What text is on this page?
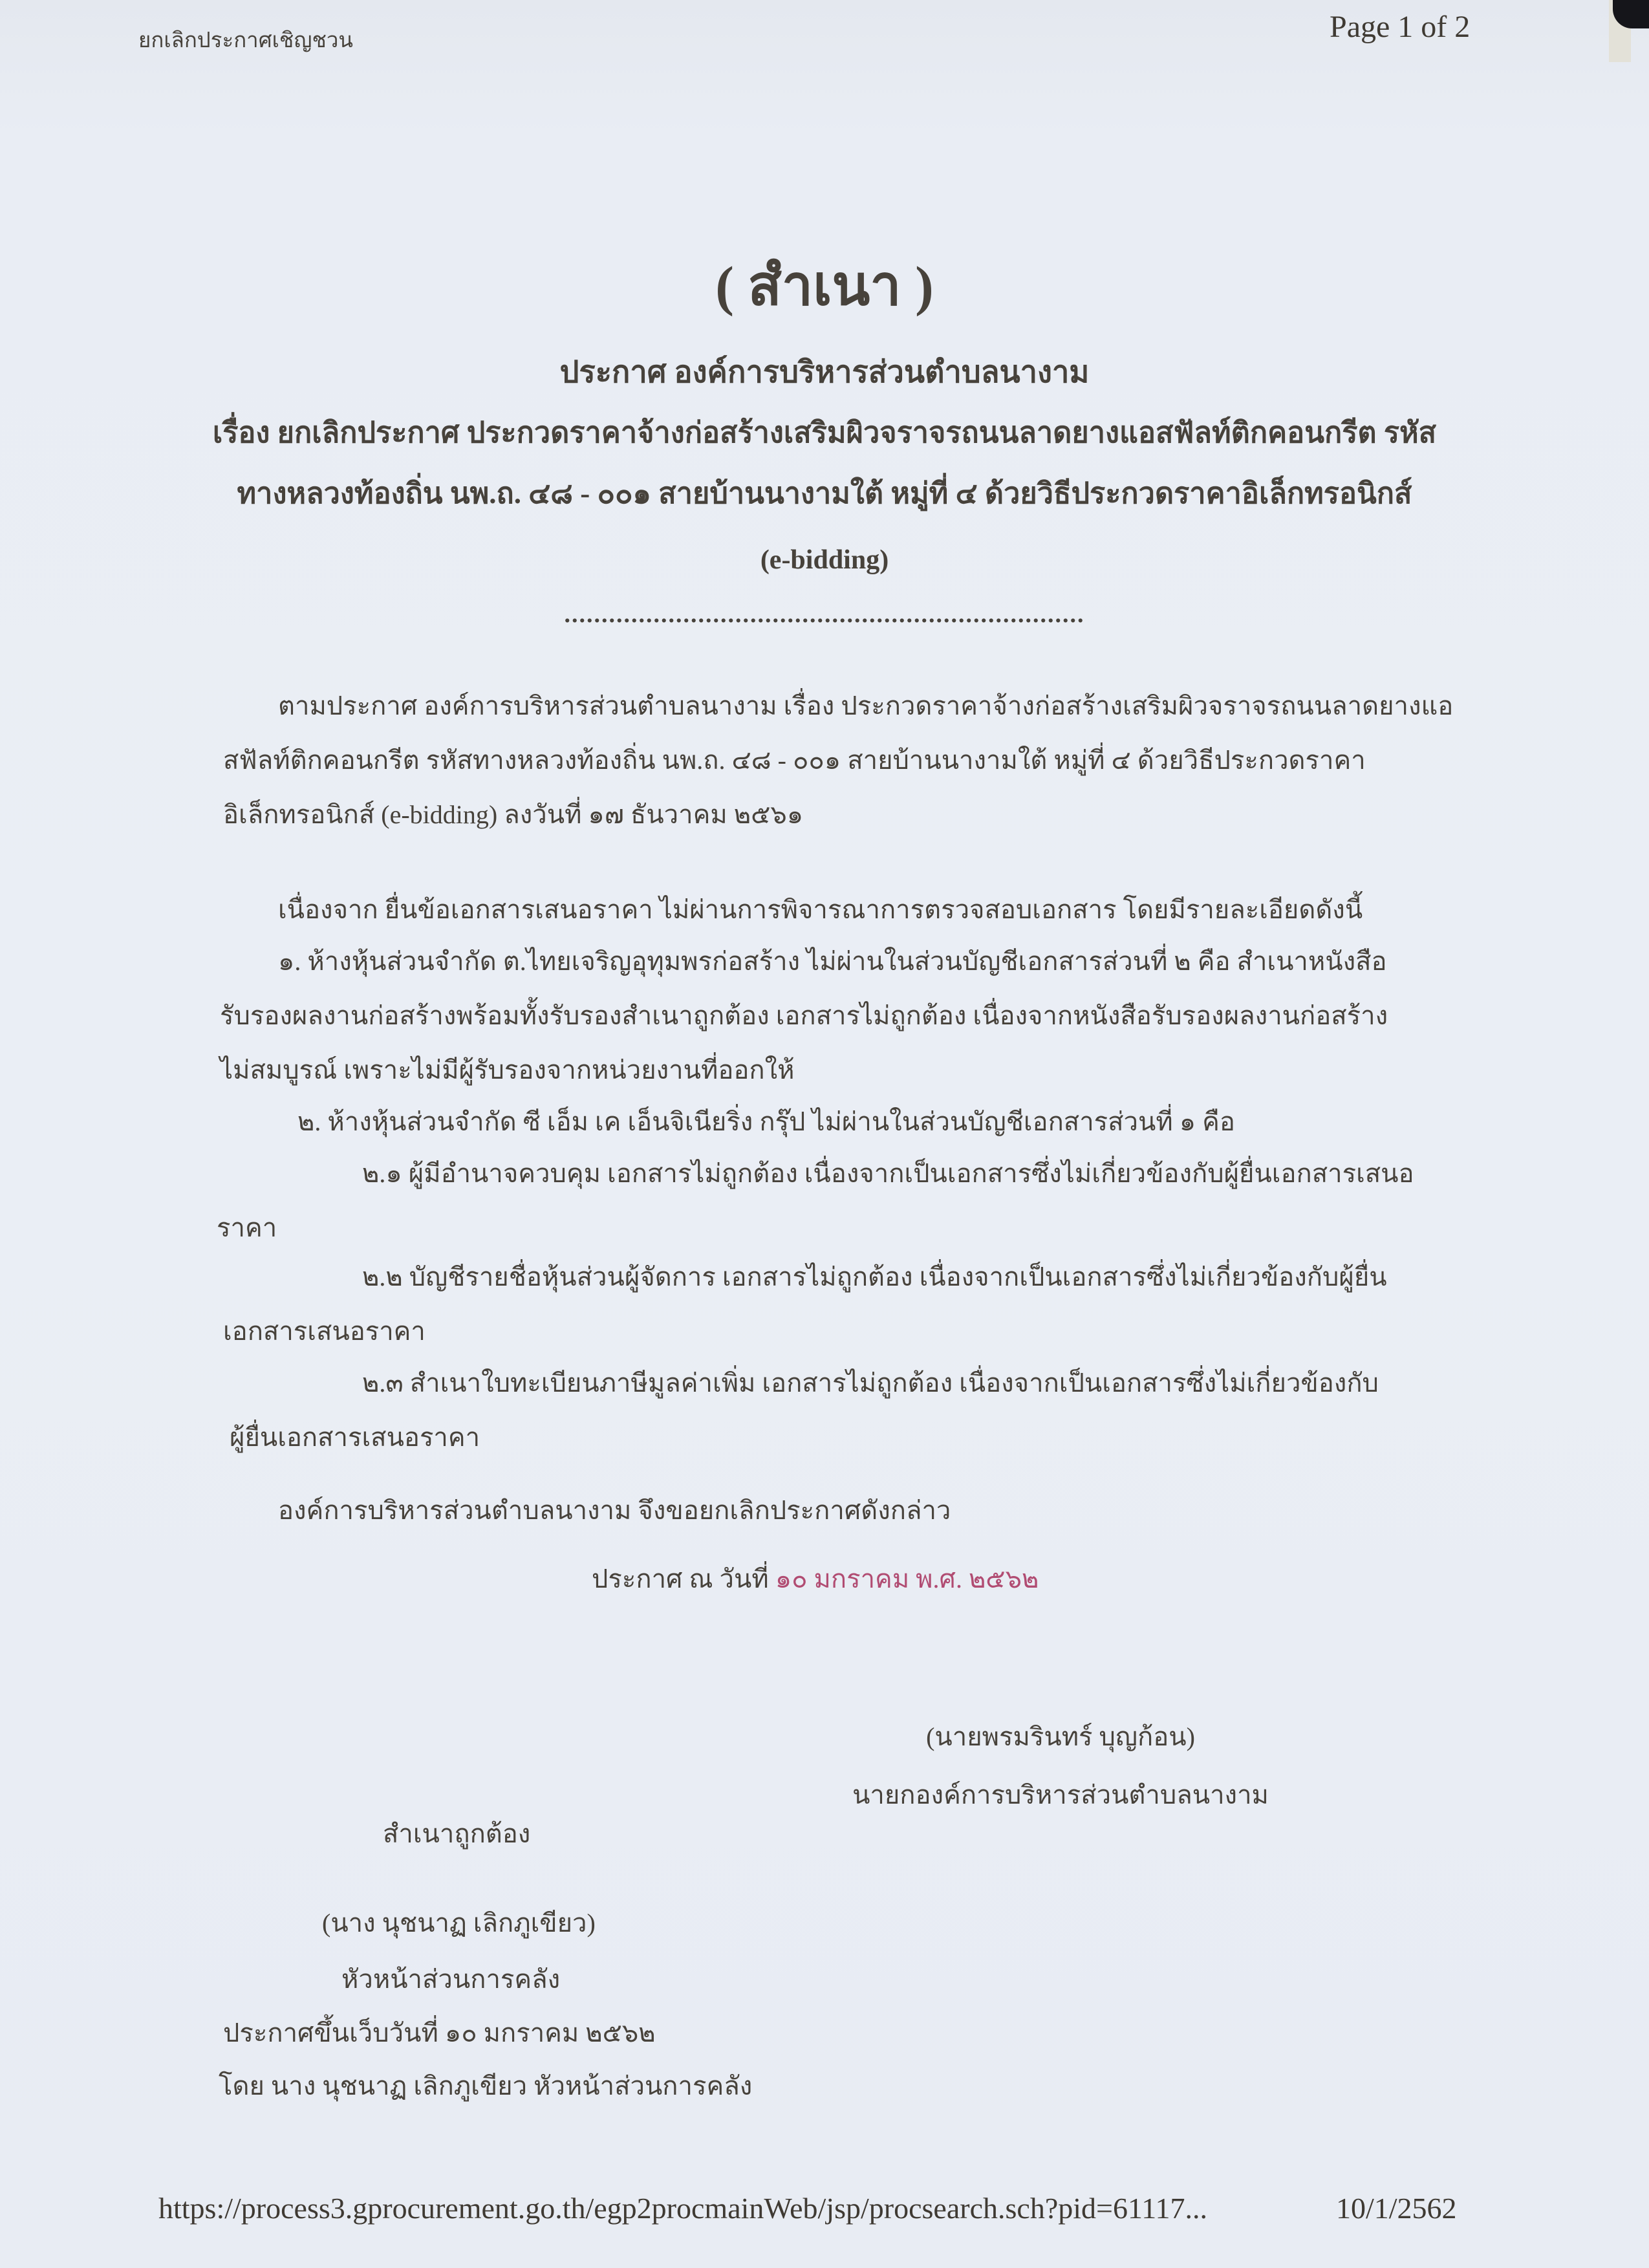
ยกเลิกประกาศเชิญชวน	Page 1 of 2
( สำเนา )
ประกาศ องค์การบริหารส่วนตำบลนางาม
เรื่อง ยกเลิกประกาศ ประกวดราคาจ้างก่อสร้างเสริมผิวจราจรถนนลาดยางแอสฟัลท์ติกคอนกรีต รหัส
ทางหลวงท้องถิ่น นพ.ถ. ๔๘ - ๐๐๑ สายบ้านนางามใต้ หมู่ที่ ๔ ด้วยวิธีประกวดราคาอิเล็กทรอนิกส์
(e-bidding)
......................................................................
ตามประกาศ องค์การบริหารส่วนตำบลนางาม เรื่อง ประกวดราคาจ้างก่อสร้างเสริมผิวจราจรถนนลาดยางแอ
สฟัลท์ติกคอนกรีต รหัสทางหลวงท้องถิ่น นพ.ถ. ๔๘ - ๐๐๑ สายบ้านนางามใต้ หมู่ที่ ๔ ด้วยวิธีประกวดราคา
อิเล็กทรอนิกส์ (e-bidding) ลงวันที่ ๑๗ ธันวาคม ๒๕๖๑
เนื่องจาก ยื่นข้อเอกสารเสนอราคา ไม่ผ่านการพิจารณาการตรวจสอบเอกสาร โดยมีรายละเอียดดังนี้
๑. ห้างหุ้นส่วนจำกัด ต.ไทยเจริญอุทุมพรก่อสร้าง ไม่ผ่านในส่วนบัญชีเอกสารส่วนที่ ๒ คือ สำเนาหนังสือ
รับรองผลงานก่อสร้างพร้อมทั้งรับรองสำเนาถูกต้อง เอกสารไม่ถูกต้อง เนื่องจากหนังสือรับรองผลงานก่อสร้าง
ไม่สมบูรณ์ เพราะไม่มีผู้รับรองจากหน่วยงานที่ออกให้
๒. ห้างหุ้นส่วนจำกัด ซี เอ็ม เค เอ็นจิเนียริ่ง กรุ๊ป ไม่ผ่านในส่วนบัญชีเอกสารส่วนที่ ๑ คือ
๒.๑ ผู้มีอำนาจควบคุม เอกสารไม่ถูกต้อง เนื่องจากเป็นเอกสารซึ่งไม่เกี่ยวข้องกับผู้ยื่นเอกสารเสนอ
ราคา
๒.๒ บัญชีรายชื่อหุ้นส่วนผู้จัดการ เอกสารไม่ถูกต้อง เนื่องจากเป็นเอกสารซึ่งไม่เกี่ยวข้องกับผู้ยื่น
เอกสารเสนอราคา
๒.๓ สำเนาใบทะเบียนภาษีมูลค่าเพิ่ม เอกสารไม่ถูกต้อง เนื่องจากเป็นเอกสารซึ่งไม่เกี่ยวข้องกับ
ผู้ยื่นเอกสารเสนอราคา
องค์การบริหารส่วนตำบลนางาม จึงขอยกเลิกประกาศดังกล่าว
ประกาศ ณ วันที่ ๑๐ มกราคม พ.ศ. ๒๕๖๒
(นายพรมรินทร์ บุญก้อน)
นายกองค์การบริหารส่วนตำบลนางาม
สำเนาถูกต้อง
(นาง นุชนาฏ เลิกภูเขียว)
หัวหน้าส่วนการคลัง
ประกาศขึ้นเว็บวันที่ ๑๐ มกราคม ๒๕๖๒
โดย นาง นุชนาฏ เลิกภูเขียว หัวหน้าส่วนการคลัง
https://process3.gprocurement.go.th/egp2procmainWeb/jsp/procsearch.sch?pid=61117...	10/1/2562
